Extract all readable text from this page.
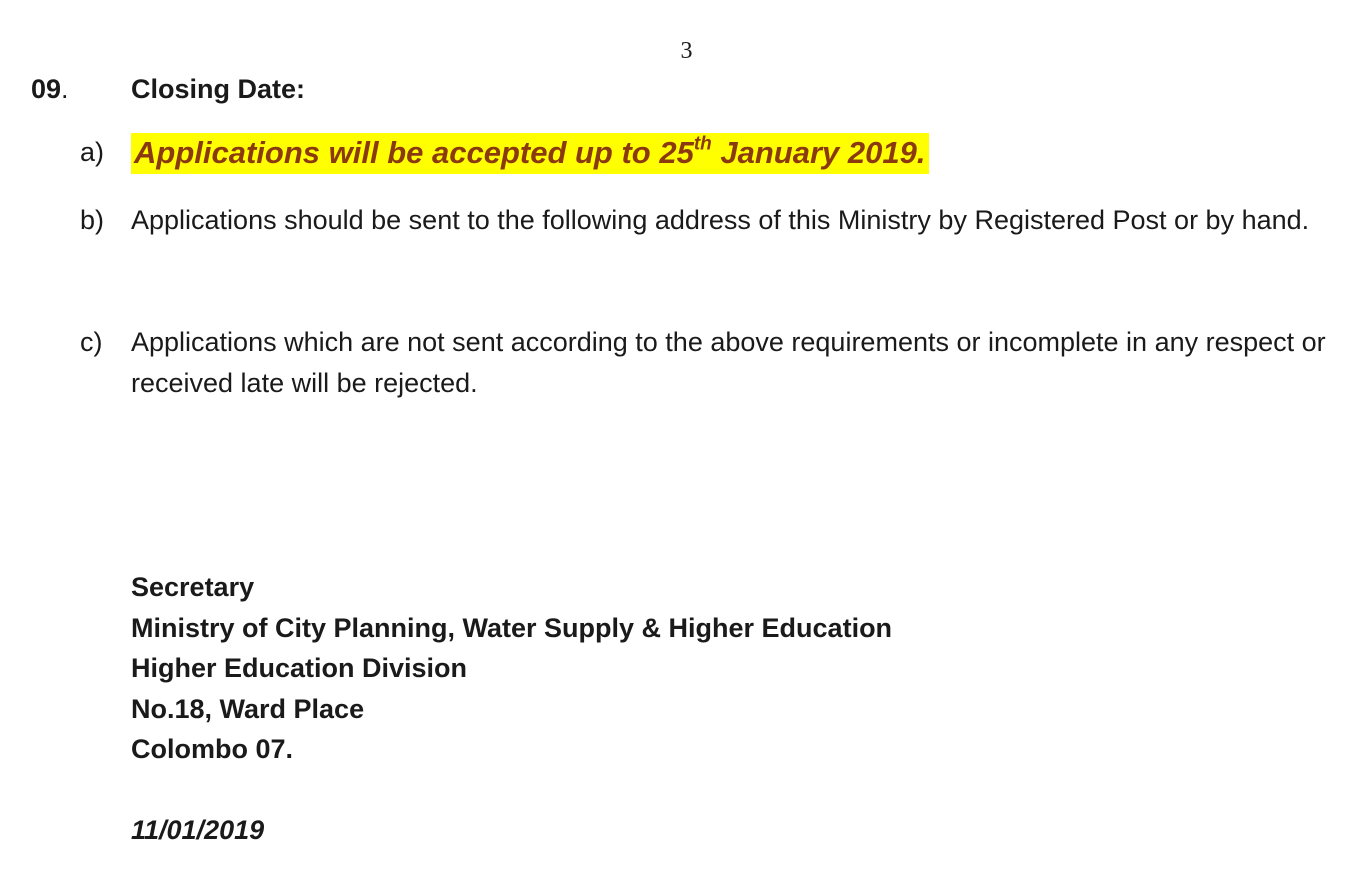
3
09. Closing Date:
a) Applications will be accepted up to 25th January 2019.
b) Applications should be sent to the following address of this Ministry by Registered Post or by hand.
c) Applications which are not sent according to the above requirements or incomplete in any respect or received late will be rejected.
Secretary
Ministry of City Planning, Water Supply & Higher Education
Higher Education Division
No.18, Ward Place
Colombo 07.
11/01/2019
